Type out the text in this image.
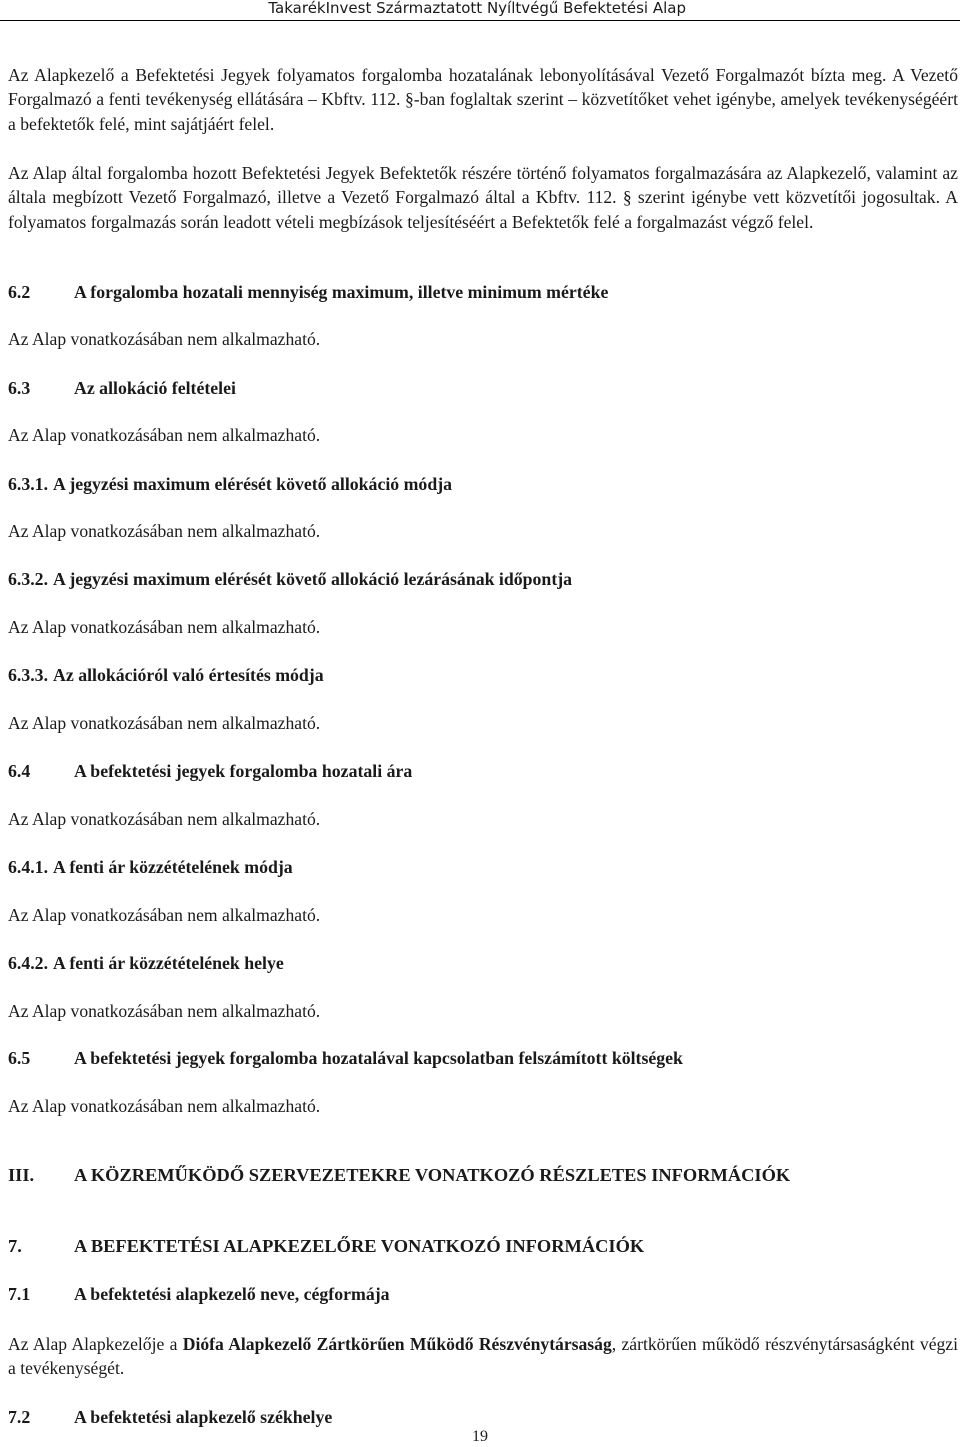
TakarékInvest Származtatott Nyíltvégű Befektetési Alap

Az Alapkezelő a Befektetési Jegyek folyamatos forgalomba hozatalának lebonyolításával Vezető Forgalmazót bízta meg. A Vezető Forgalmazó a fenti tevékenység ellátására – Kbftv. 112. §-ban foglaltak szerint – közvetítőket vehet igénybe, amelyek tevékenységéért a befektetők felé, mint sajátjáért felel.

Az Alap által forgalomba hozott Befektetési Jegyek Befektetők részére történő folyamatos forgalmazására az Alapkezelő, valamint az általa megbízott Vezető Forgalmazó, illetve a Vezető Forgalmazó által a Kbftv. 112. § szerint igénybe vett közvetítői jogosultak. A folyamatos forgalmazás során leadott vételi megbízások teljesítéséért a Befektetők felé a forgalmazást végző felel.

6.2 A forgalomba hozatali mennyiség maximum, illetve minimum mértéke
Az Alap vonatkozásában nem alkalmazható.
6.3 Az allokáció feltételei
Az Alap vonatkozásában nem alkalmazható.
6.3.1. A jegyzési maximum elérését követő allokáció módja
Az Alap vonatkozásában nem alkalmazható.
6.3.2. A jegyzési maximum elérését követő allokáció lezárásának időpontja
Az Alap vonatkozásában nem alkalmazható.
6.3.3. Az allokációról való értesítés módja
Az Alap vonatkozásában nem alkalmazható.
6.4 A befektetési jegyek forgalomba hozatali ára
Az Alap vonatkozásában nem alkalmazható.
6.4.1. A fenti ár közzétételének módja
Az Alap vonatkozásában nem alkalmazható.
6.4.2. A fenti ár közzétételének helye
Az Alap vonatkozásában nem alkalmazható.
6.5 A befektetési jegyek forgalomba hozatalával kapcsolatban felszámított költségek
Az Alap vonatkozásában nem alkalmazható.
III. A KÖZREMŰKÖDŐ SZERVEZETEKRE VONATKOZÓ RÉSZLETES INFORMÁCIÓK
7.	A BEFEKTETÉSI ALAPKEZELŐRE VONATKOZÓ INFORMÁCIÓK
7.1 A befektetési alapkezelő neve, cégformája

Az Alap Alapkezelője a Diófa Alapkezelő Zártkörűen Működő Részvénytársaság, zártkörűen működő részvénytársaságként végzi a tevékenységét.

7.2 A befektetési alapkezelő székhelye
19
